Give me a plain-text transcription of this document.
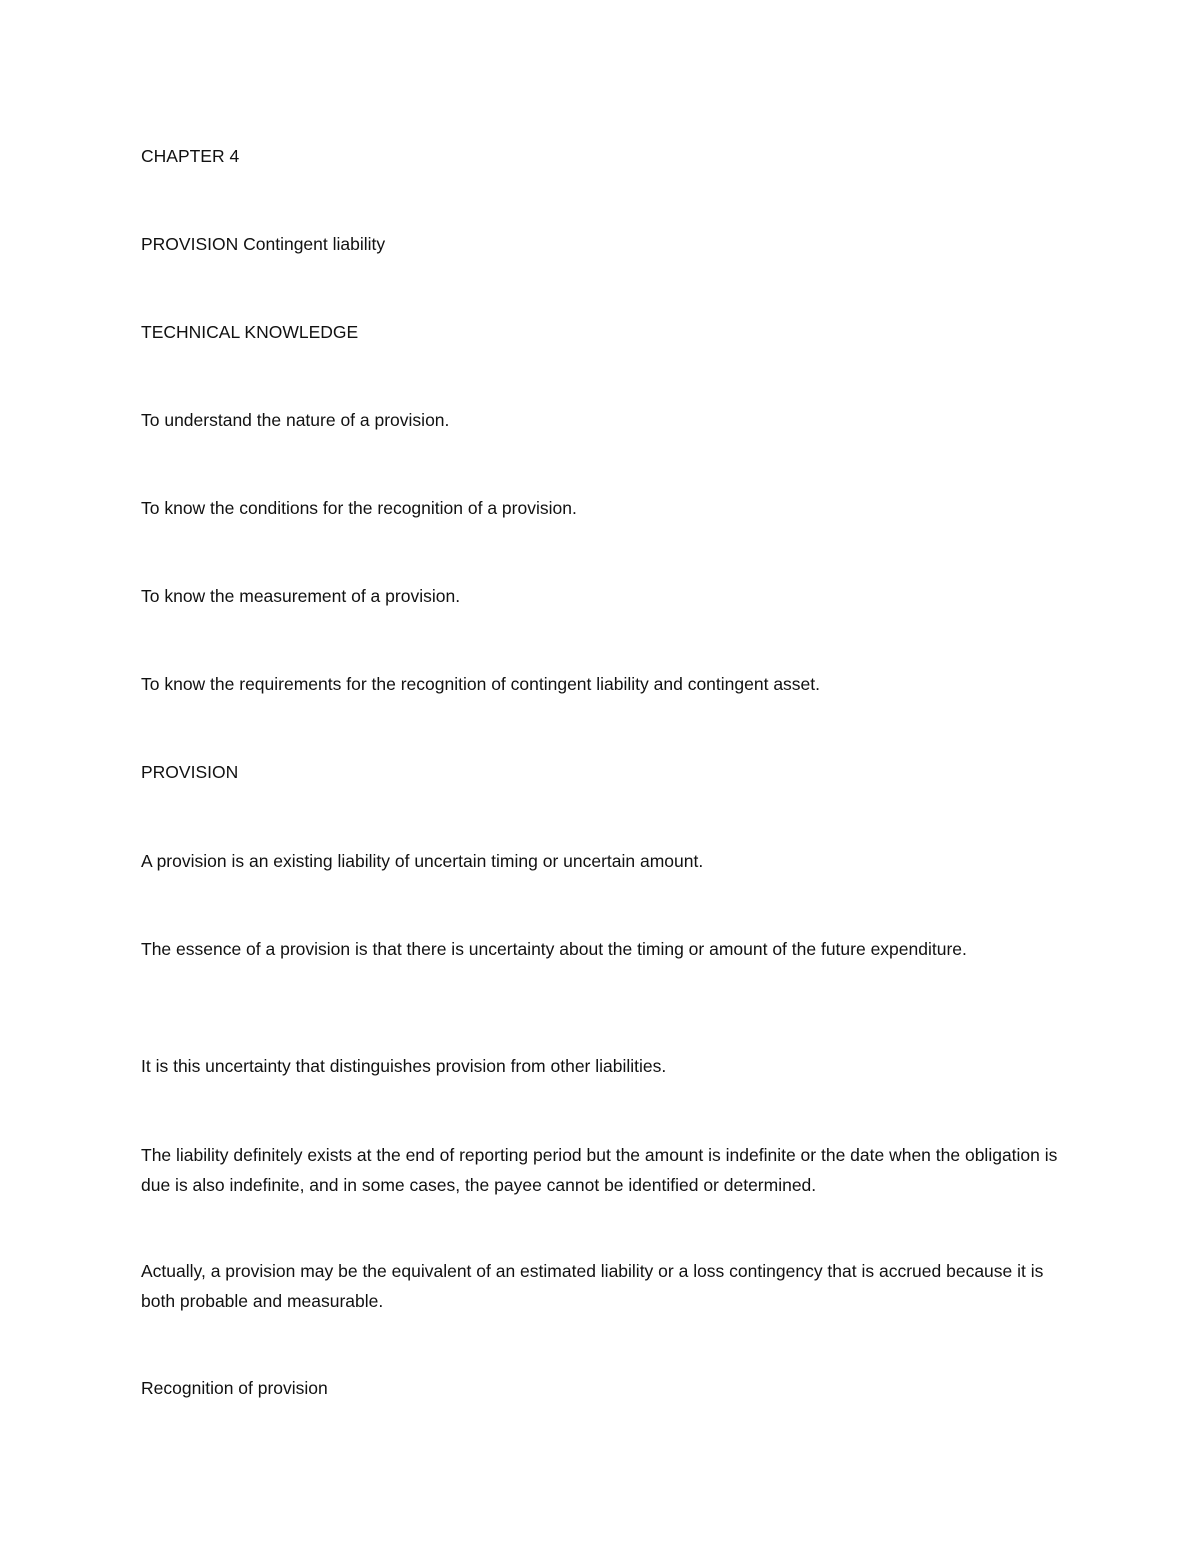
CHAPTER 4

PROVISION Contingent liability

TECHNICAL KNOWLEDGE

To understand the nature of a provision.

To know the conditions for the recognition of a provision.

To know the measurement of a provision.

To know the requirements for the recognition of contingent liability and contingent asset.

PROVISION

A provision is an existing liability of uncertain timing or uncertain amount.

The essence of a provision is that there is uncertainty about the timing or amount of the future expenditure.

It is this uncertainty that distinguishes provision from other liabilities.

The liability definitely exists at the end of reporting period but the amount is indefinite or the date when the obligation is due is also indefinite, and in some cases, the payee cannot be identified or determined.

Actually, a provision may be the equivalent of an estimated liability or a loss contingency that is accrued because it is both probable and measurable.

Recognition of provision
